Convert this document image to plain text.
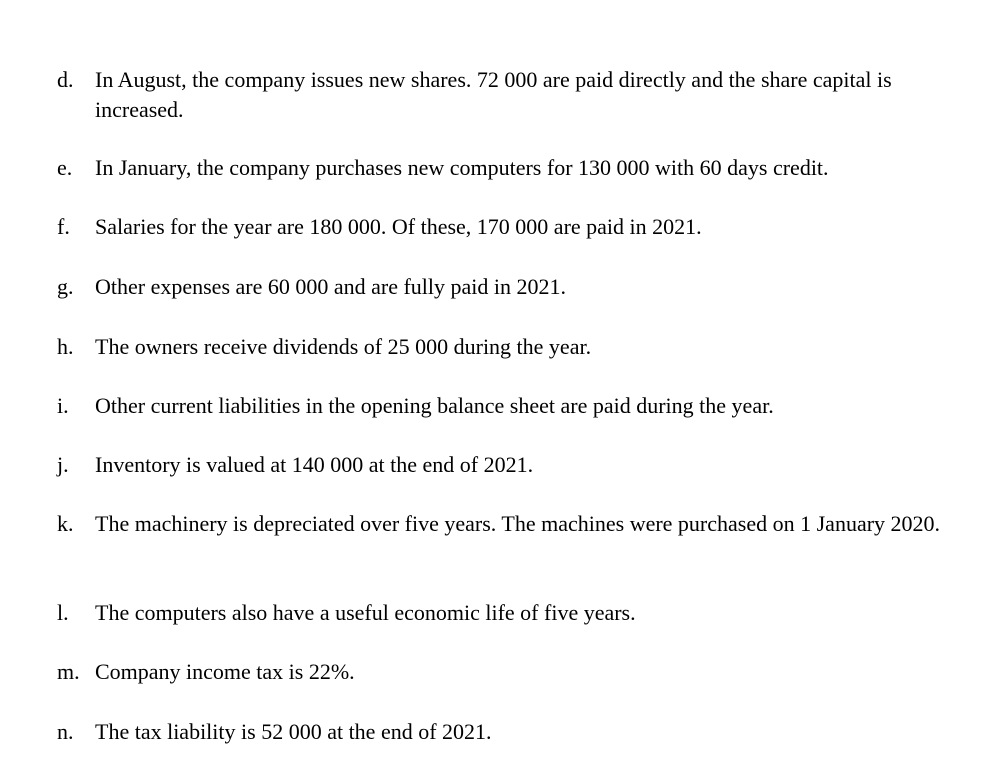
d. In August, the company issues new shares. 72 000 are paid directly and the share capital is increased.
e.	In January, the company purchases new computers for 130 000 with 60 days credit.
f.	Salaries for the year are 180 000. Of these, 170 000 are paid in 2021.
g. Other expenses are 60 000 and are fully paid in 2021.
h. The owners receive dividends of 25 000 during the year.
i.	Other current liabilities in the opening balance sheet are paid during the year.
j.	Inventory is valued at 140 000 at the end of 2021.
k. The machinery is depreciated over five years. The machines were purchased on 1 January 2020.
l.	The computers also have a useful economic life of five years.
m. Company income tax is 22%.
n. The tax liability is 52 000 at the end of 2021.
